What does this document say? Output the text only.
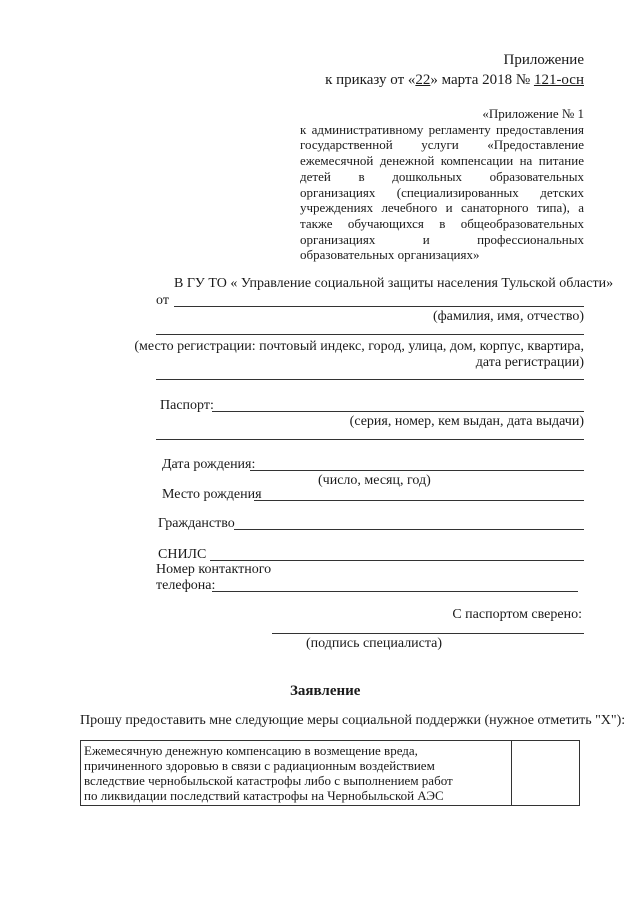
Приложение
к приказу от «22» марта 2018 № 121-осн
«Приложение № 1
к административному регламенту предоставления
государственной услуги «Предоставление
ежемесячной денежной компенсации на питание
детей в дошкольных образовательных
организациях (специализированных детских
учреждениях лечебного и санаторного типа), а
также обучающихся в общеобразовательных
организациях и профессиональных
образовательных организациях»
В ГУ ТО « Управление социальной защиты населения Тульской области»
от
(фамилия, имя, отчество)
(место регистрации: почтовый индекс, город, улица, дом, корпус, квартира,
дата регистрации)
Паспорт:
(серия, номер, кем выдан, дата выдачи)
Дата рождения:
(число, месяц, год)
Место рождения
Гражданство
СНИЛС
Номер контактного
телефона:
С паспортом сверено:
(подпись специалиста)
Заявление
Прошу предоставить мне следующие меры социальной поддержки (нужное отметить "X"):
Ежемесячную денежную компенсацию в возмещение вреда,
причиненного здоровью в связи с радиационным воздействием
вследствие чернобыльской катастрофы либо с выполнением работ
по ликвидации последствий катастрофы на Чернобыльской АЭС
